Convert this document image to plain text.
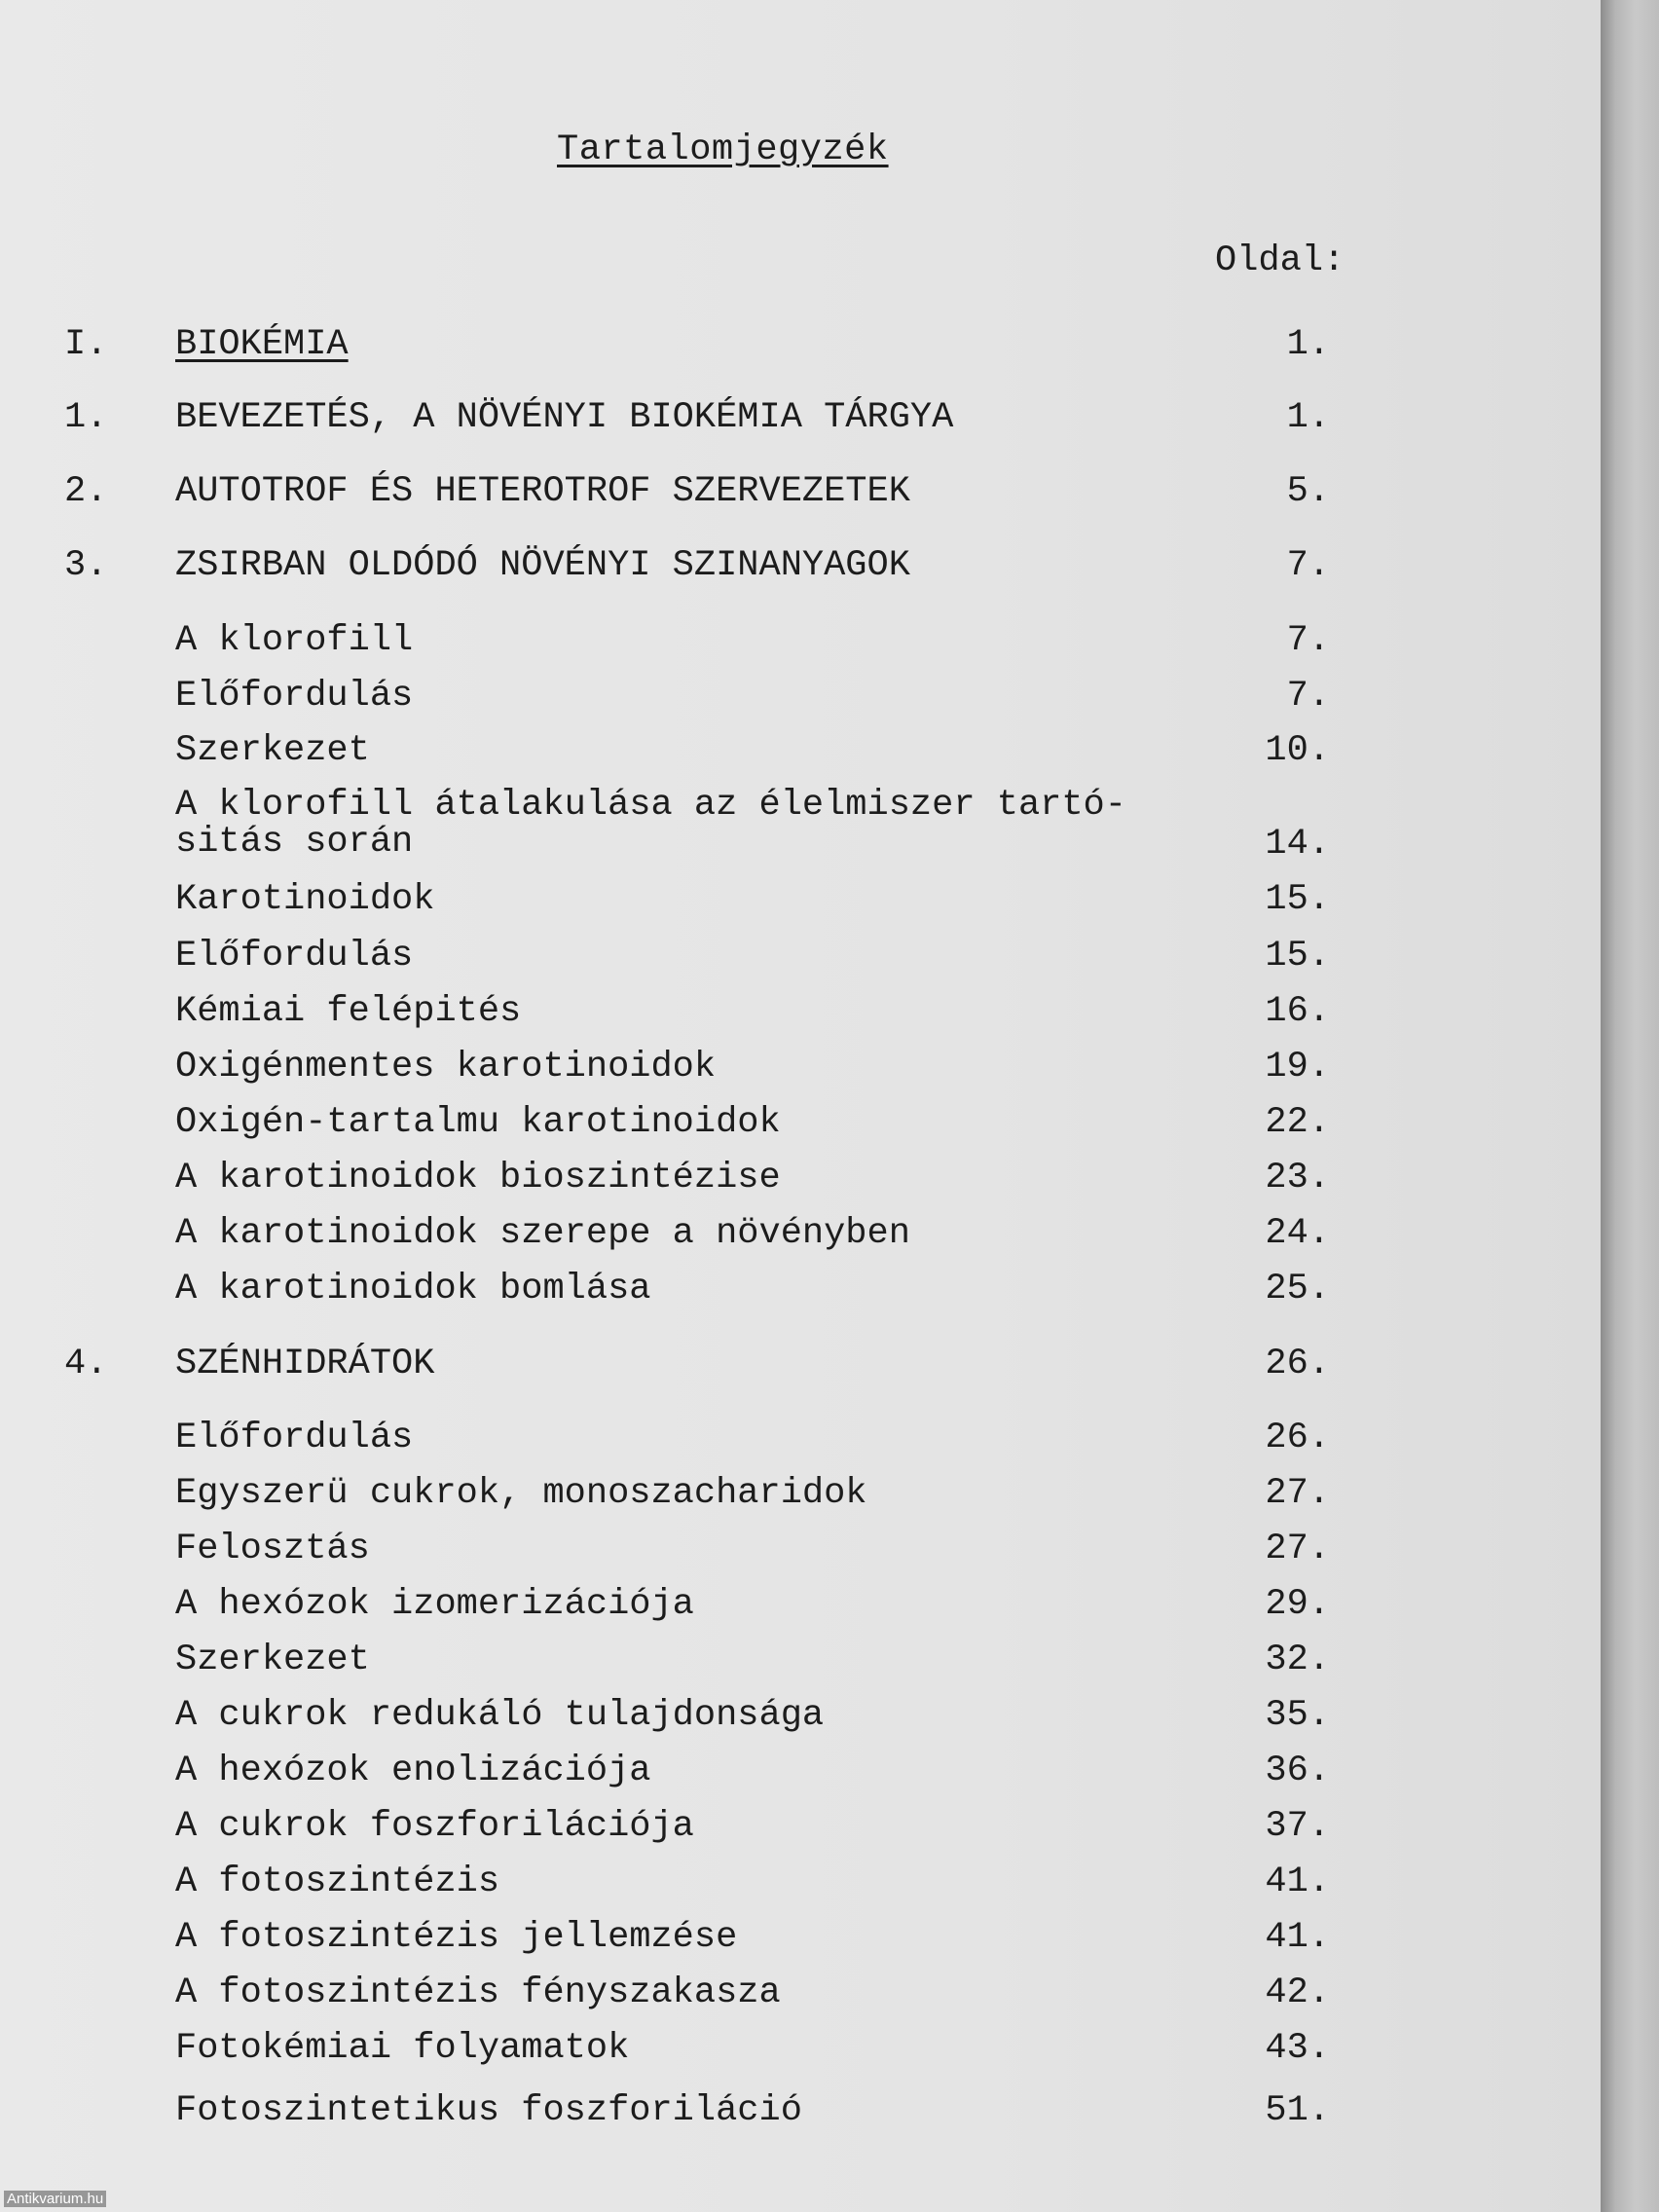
Tartalomjegyzék
Oldal:
I. BIOKÉMIA	1.
1. BEVEZETÉS, A NÖVÉNYI BIOKÉMIA TÁRGYA	1.
2. AUTOTROF ÉS HETEROTROF SZERVEZETEK	5.
3. ZSIRBAN OLDÓDÓ NÖVÉNYI SZINANYAGOK	7.
A klorofill	7.
Előfordulás	7.
Szerkezet	10.
A klorofill átalakulása az élelmiszer tartó-
sitás során	14.
Karotinoidok	15.
Előfordulás	15.
Kémiai felépités	16.
Oxigénmentes karotinoidok	19.
Oxigén-tartalmu karotinoidok	22.
A karotinoidok bioszintézise	23.
A karotinoidok szerepe a növényben	24.
A karotinoidok bomlása	25.
4. SZÉNHIDRÁTOK	26.
Előfordulás	26.
Egyszerü cukrok, monoszacharidok	27.
Felosztás	27.
A hexózok izomerizációja	29.
Szerkezet	32.
A cukrok redukáló tulajdonsága	35.
A hexózok enolizációja	36.
A cukrok foszforilációja	37.
A fotoszintézis	41.
A fotoszintézis jellemzése	41.
A fotoszintézis fényszakasza	42.
Fotokémiai folyamatok	43.
Fotoszintetikus foszforiláció	51.
Antikvarium.hu
